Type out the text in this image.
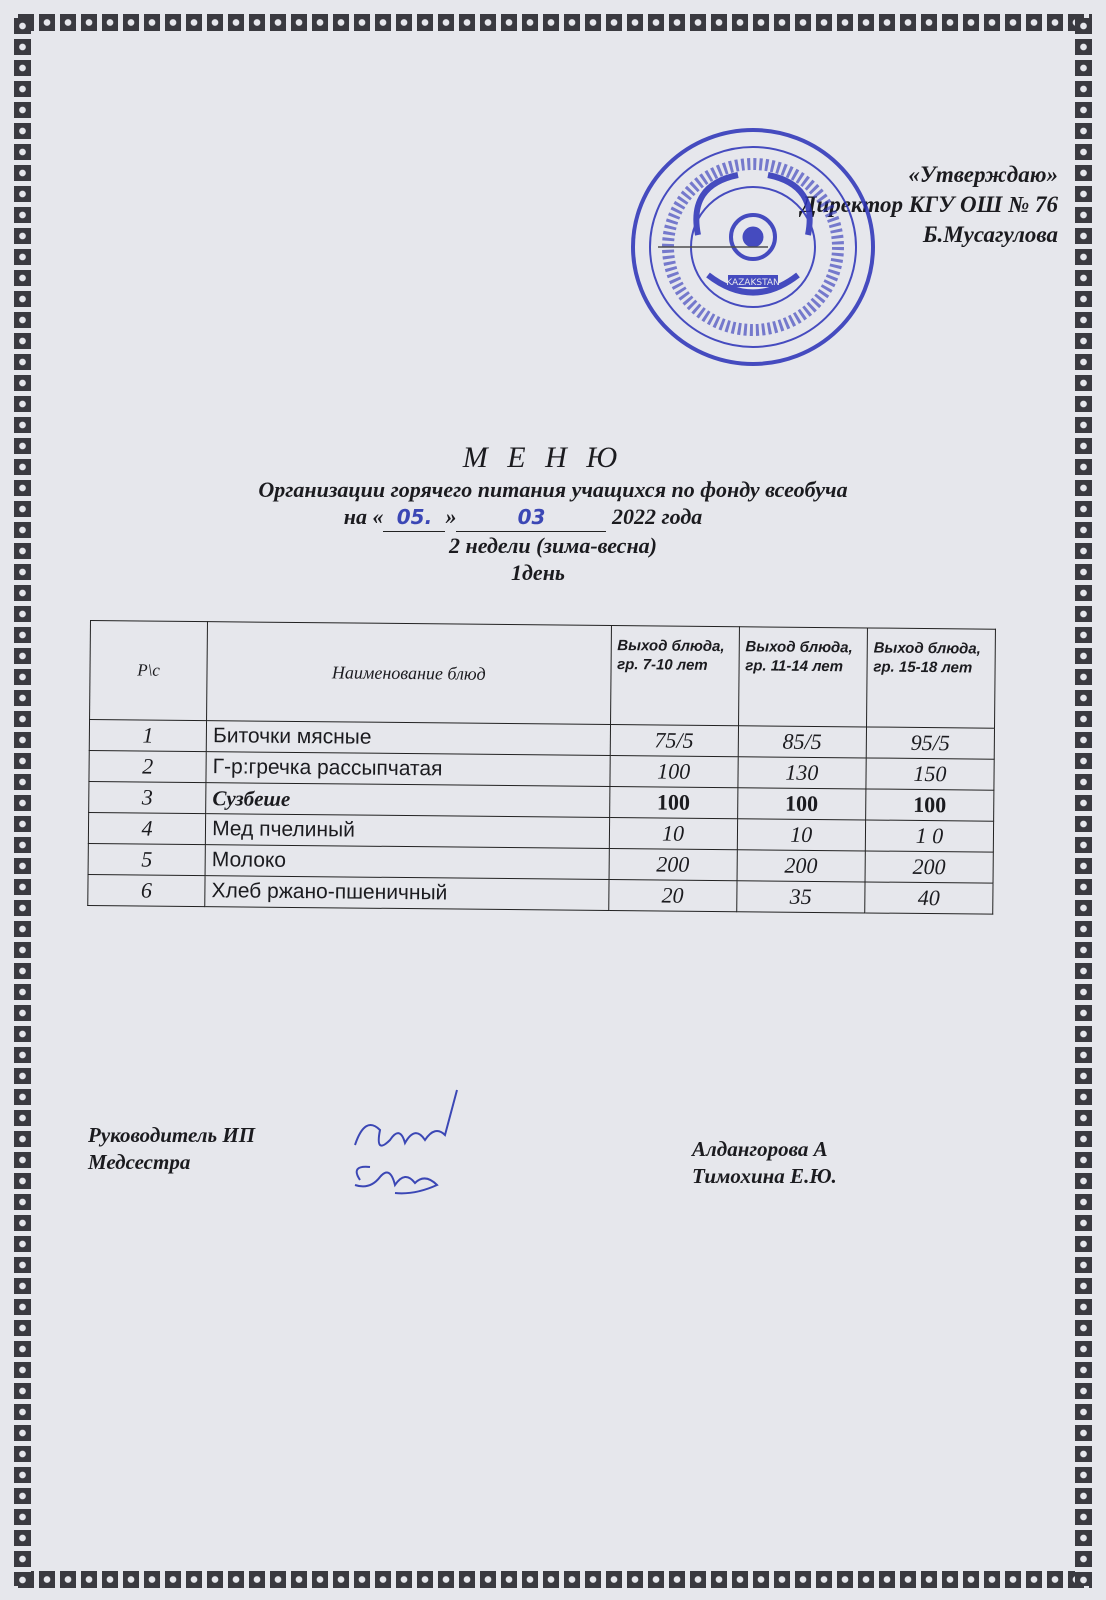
«Утверждаю»
Директор КГУ ОШ № 76
Б.Мусагулова
KAZAKSTAN
М Е Н Ю
Организации горячего питания учащихся по фонду всеобуча
на « 05. »	03	2022 года
2 недели (зима-весна)
1день
Р\с	Наименование блюд	Выход блюда, гр. 7-10 лет	Выход блюда, гр. 11-14 лет	Выход блюда, гр. 15-18 лет
1	Биточки мясные	75/5	85/5	95/5
2	Г-р:гречка рассыпчатая	100	130	150
3	Сузбеше	100	100	100
4	Мед пчелиный	10	10	1 0
5	Молоко	200	200	200
6	Хлеб ржано-пшеничный	20	35	40
Руководитель ИП
Медсестра
Алдангорова А
Тимохина Е.Ю.
